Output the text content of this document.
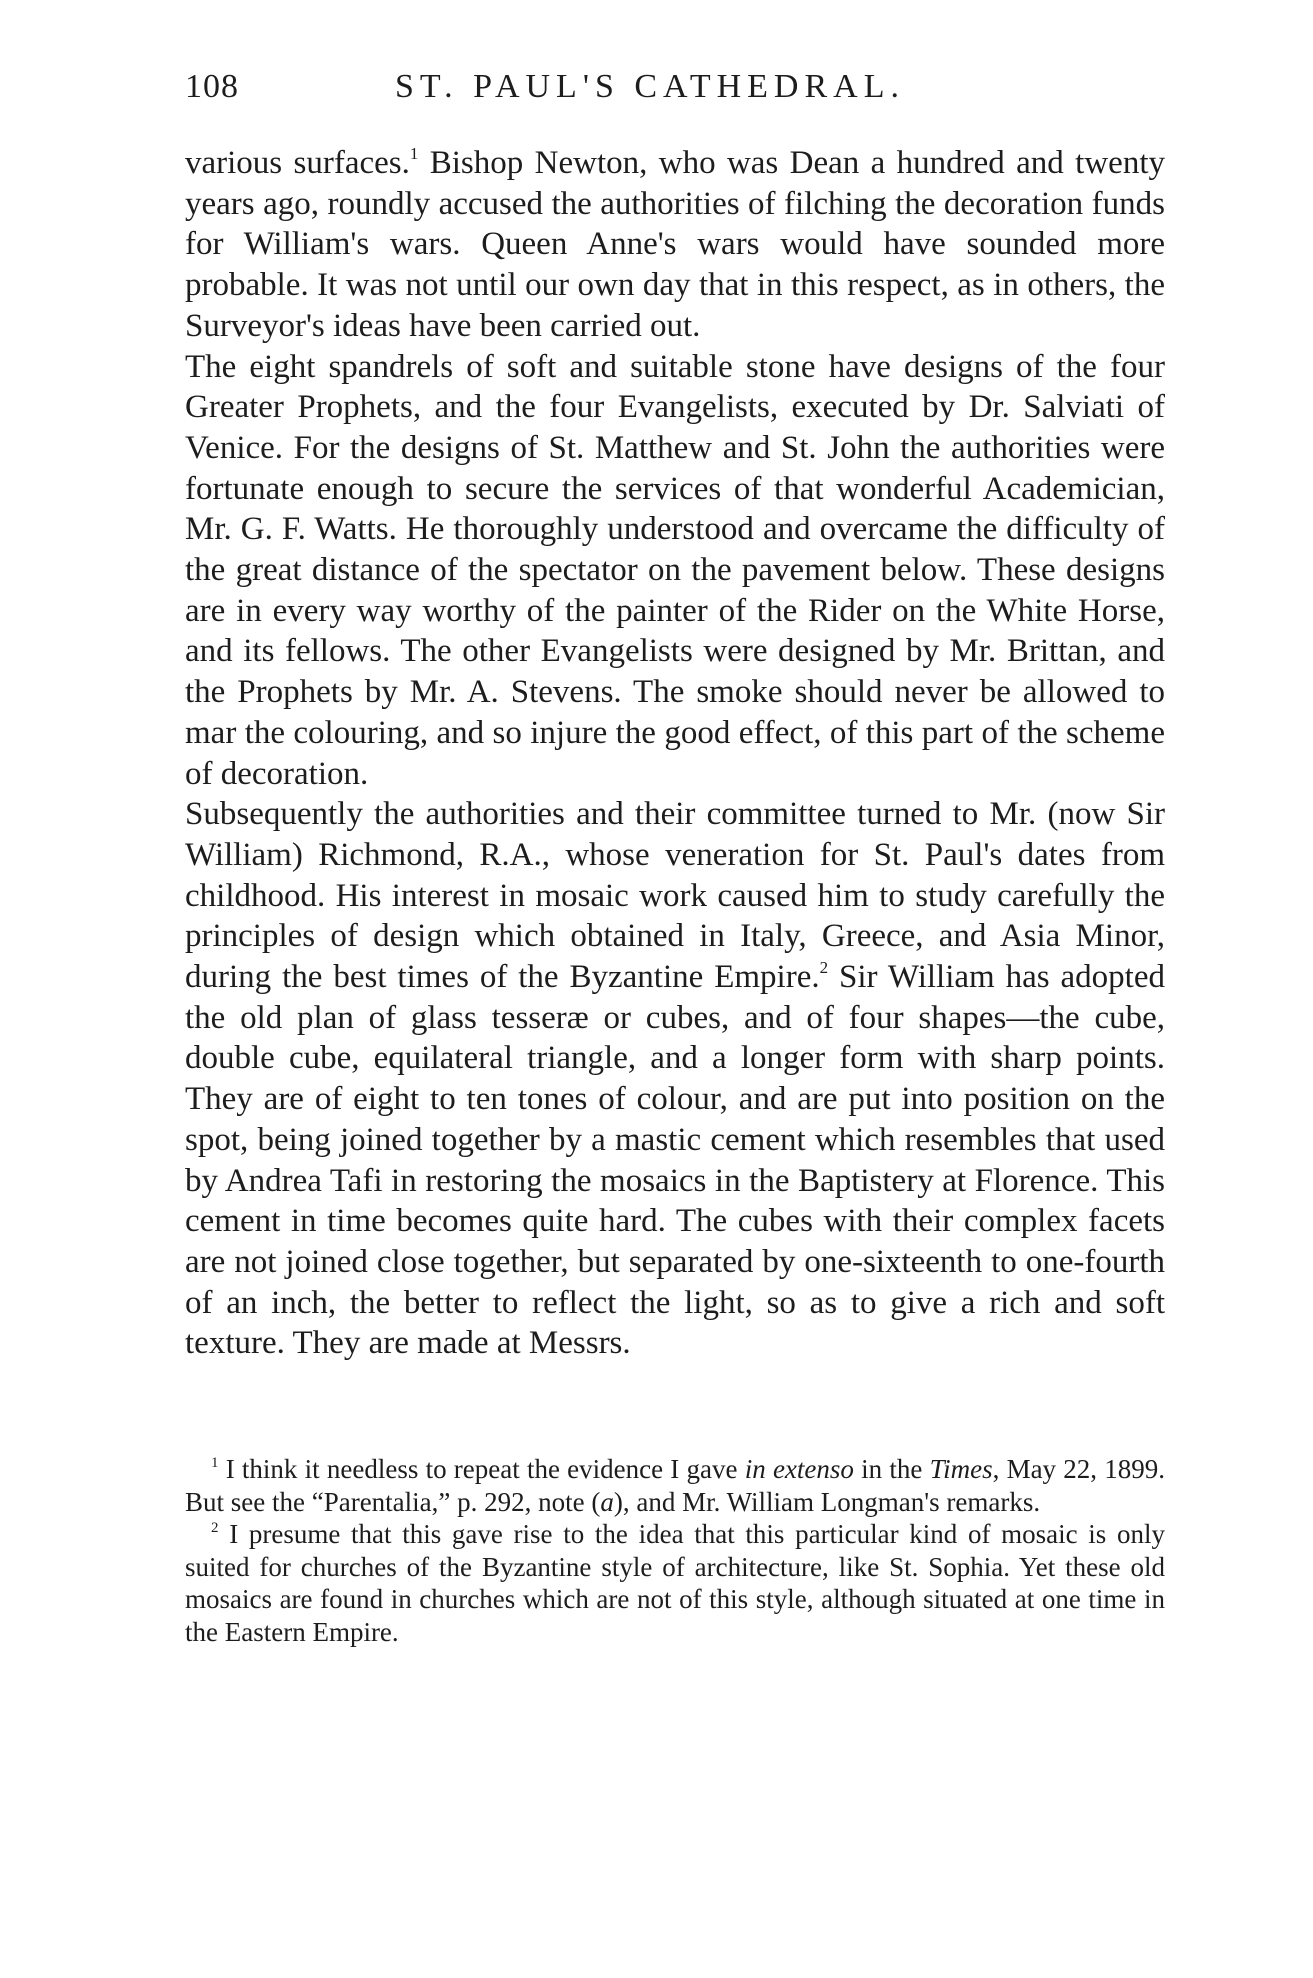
108	ST. PAUL'S CATHEDRAL.

various surfaces.$^1$ Bishop Newton, who was Dean a hundred and twenty years ago, roundly accused the authorities of filching the decoration funds for William's wars. Queen Anne's wars would have sounded more probable. It was not until our own day that in this respect, as in others, the Surveyor's ideas have been carried out.

The eight spandrels of soft and suitable stone have designs of the four Greater Prophets, and the four Evangelists, executed by Dr. Salviati of Venice. For the designs of St. Matthew and St. John the authorities were fortunate enough to secure the services of that wonderful Academician, Mr. G. F. Watts. He thoroughly understood and overcame the difficulty of the great distance of the spectator on the pavement below. These designs are in every way worthy of the painter of the Rider on the White Horse, and its fellows. The other Evangelists were designed by Mr. Brittan, and the Prophets by Mr. A. Stevens. The smoke should never be allowed to mar the colouring, and so injure the good effect, of this part of the scheme of decoration.

Subsequently the authorities and their committee turned to Mr. (now Sir William) Richmond, R.A., whose veneration for St. Paul's dates from childhood. His interest in mosaic work caused him to study carefully the principles of design which obtained in Italy, Greece, and Asia Minor, during the best times of the Byzantine Empire.$^2$ Sir William has adopted the old plan of glass tesseræ or cubes, and of four shapes—the cube, double cube, equilateral triangle, and a longer form with sharp points. They are of eight to ten tones of colour, and are put into position on the spot, being joined together by a mastic cement which resembles that used by Andrea Tafi in restoring the mosaics in the Baptistery at Florence. This cement in time becomes quite hard. The cubes with their complex facets are not joined close together, but separated by one-sixteenth to one-fourth of an inch, the better to reflect the light, so as to give a rich and soft texture. They are made at Messrs.

$^1$ I think it needless to repeat the evidence I gave in extenso in the Times, May 22, 1899. But see the “Parentalia,” p. 292, note (a), and Mr. William Longman's remarks.

$^2$ I presume that this gave rise to the idea that this particular kind of mosaic is only suited for churches of the Byzantine style of architecture, like St. Sophia. Yet these old mosaics are found in churches which are not of this style, although situated at one time in the Eastern Empire.
